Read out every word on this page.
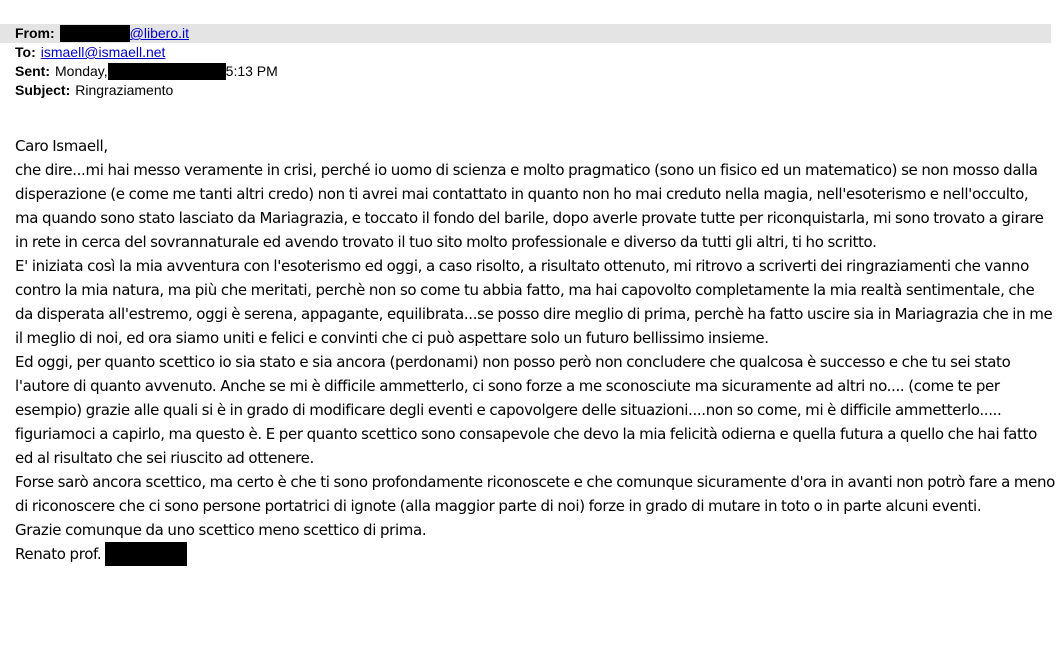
From:	@libero.it
To: ismaell@ismaell.net
Sent: Monday,	5:13 PM
Subject: Ringraziamento

Caro Ismaell,

che dire...mi hai messo veramente in crisi, perché io uomo di scienza e molto pragmatico (sono un fisico ed un matematico) se non mosso dalla disperazione (e come me tanti altri credo) non ti avrei mai contattato in quanto non ho mai creduto nella magia, nell'esoterismo e nell'occulto, ma quando sono stato lasciato da Mariagrazia, e toccato il fondo del barile, dopo averle provate tutte per riconquistarla, mi sono trovato a girare in rete in cerca del sovrannaturale ed avendo trovato il tuo sito molto professionale e diverso da tutti gli altri, ti ho scritto.

E' iniziata così la mia avventura con l'esoterismo ed oggi, a caso risolto, a risultato ottenuto, mi ritrovo a scriverti dei ringraziamenti che vanno contro la mia natura, ma più che meritati, perchè non so come tu abbia fatto, ma hai capovolto completamente la mia realtà sentimentale, che da disperata all'estremo, oggi è serena, appagante, equilibrata...se posso dire meglio di prima, perchè ha fatto uscire sia in Mariagrazia che in me il meglio di noi, ed ora siamo uniti e felici e convinti che ci può aspettare solo un futuro bellissimo insieme.

Ed oggi, per quanto scettico io sia stato e sia ancora (perdonami) non posso però non concludere che qualcosa è successo e che tu sei stato l'autore di quanto avvenuto. Anche se mi è difficile ammetterlo, ci sono forze a me sconosciute ma sicuramente ad altri no.... (come te per esempio) grazie alle quali si è in grado di modificare degli eventi e capovolgere delle situazioni....non so come, mi è difficile ammetterlo..... figuriamoci a capirlo, ma questo è. E per quanto scettico sono consapevole che devo la mia felicità odierna e quella futura a quello che hai fatto ed al risultato che sei riuscito ad ottenere.

Forse sarò ancora scettico, ma certo è che ti sono profondamente riconoscete e che comunque sicuramente d'ora in avanti non potrò fare a meno di riconoscere che ci sono persone portatrici di ignote (alla maggior parte di noi) forze in grado di mutare in toto o in parte alcuni eventi.

Grazie comunque da uno scettico meno scettico di prima.

Renato prof.
